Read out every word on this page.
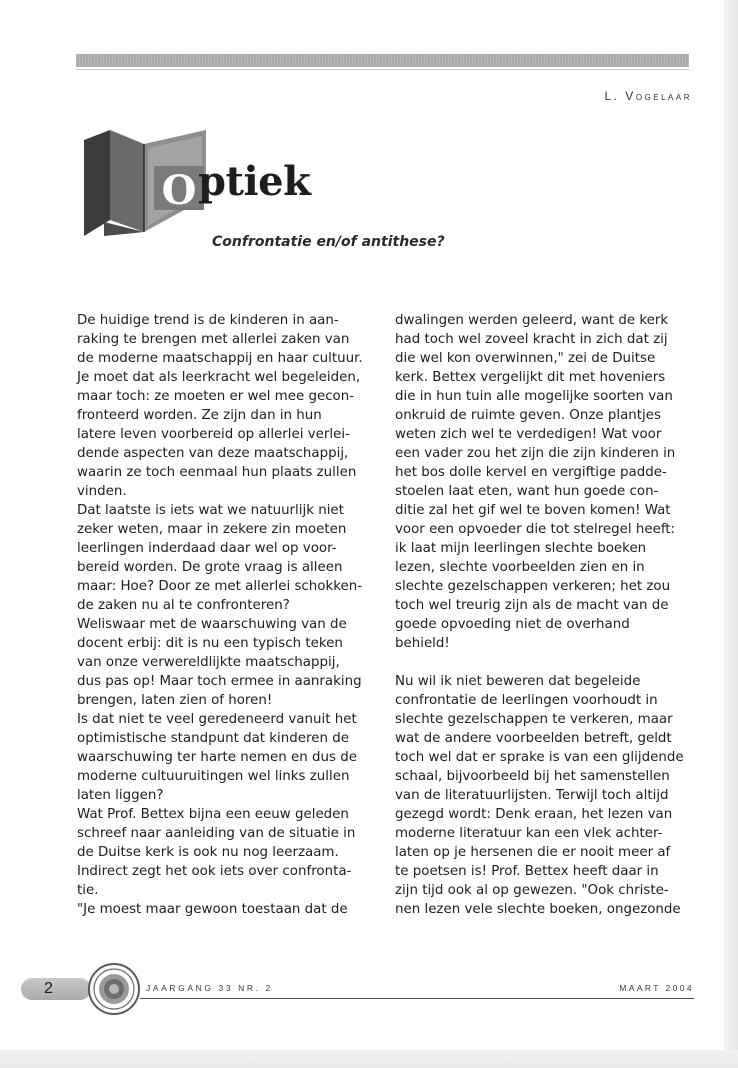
L. Vogelaar
O ptiek
Confrontatie en/of antithese?
De huidige trend is de kinderen in aan-
raking te brengen met allerlei zaken van
de moderne maatschappij en haar cultuur.
Je moet dat als leerkracht wel begeleiden,
maar toch: ze moeten er wel mee gecon-
fronteerd worden. Ze zijn dan in hun
latere leven voorbereid op allerlei verlei-
dende aspecten van deze maatschappij,
waarin ze toch eenmaal hun plaats zullen
vinden.
Dat laatste is iets wat we natuurlijk niet
zeker weten, maar in zekere zin moeten
leerlingen inderdaad daar wel op voor-
bereid worden. De grote vraag is alleen
maar: Hoe? Door ze met allerlei schokken-
de zaken nu al te confronteren?
Weliswaar met de waarschuwing van de
docent erbij: dit is nu een typisch teken
van onze verwereldlijkte maatschappij,
dus pas op! Maar toch ermee in aanraking
brengen, laten zien of horen!
Is dat niet te veel geredeneerd vanuit het
optimistische standpunt dat kinderen de
waarschuwing ter harte nemen en dus de
moderne cultuuruitingen wel links zullen
laten liggen?
Wat Prof. Bettex bijna een eeuw geleden
schreef naar aanleiding van de situatie in
de Duitse kerk is ook nu nog leerzaam.
Indirect zegt het ook iets over confronta-
tie.
"Je moest maar gewoon toestaan dat de
dwalingen werden geleerd, want de kerk
had toch wel zoveel kracht in zich dat zij
die wel kon overwinnen," zei de Duitse
kerk. Bettex vergelijkt dit met hoveniers
die in hun tuin alle mogelijke soorten van
onkruid de ruimte geven. Onze plantjes
weten zich wel te verdedigen! Wat voor
een vader zou het zijn die zijn kinderen in
het bos dolle kervel en vergiftige padde-
stoelen laat eten, want hun goede con-
ditie zal het gif wel te boven komen! Wat
voor een opvoeder die tot stelregel heeft:
ik laat mijn leerlingen slechte boeken
lezen, slechte voorbeelden zien en in
slechte gezelschappen verkeren; het zou
toch wel treurig zijn als de macht van de
goede opvoeding niet de overhand
behield!
Nu wil ik niet beweren dat begeleide
confrontatie de leerlingen voorhoudt in
slechte gezelschappen te verkeren, maar
wat de andere voorbeelden betreft, geldt
toch wel dat er sprake is van een glijdende
schaal, bijvoorbeeld bij het samenstellen
van de literatuurlijsten. Terwijl toch altijd
gezegd wordt: Denk eraan, het lezen van
moderne literatuur kan een vlek achter-
laten op je hersenen die er nooit meer af
te poetsen is! Prof. Bettex heeft daar in
zijn tijd ook al op gewezen. "Ook christe-
nen lezen vele slechte boeken, ongezonde
2	JAARGANG 33 NR. 2	MAART 2004
